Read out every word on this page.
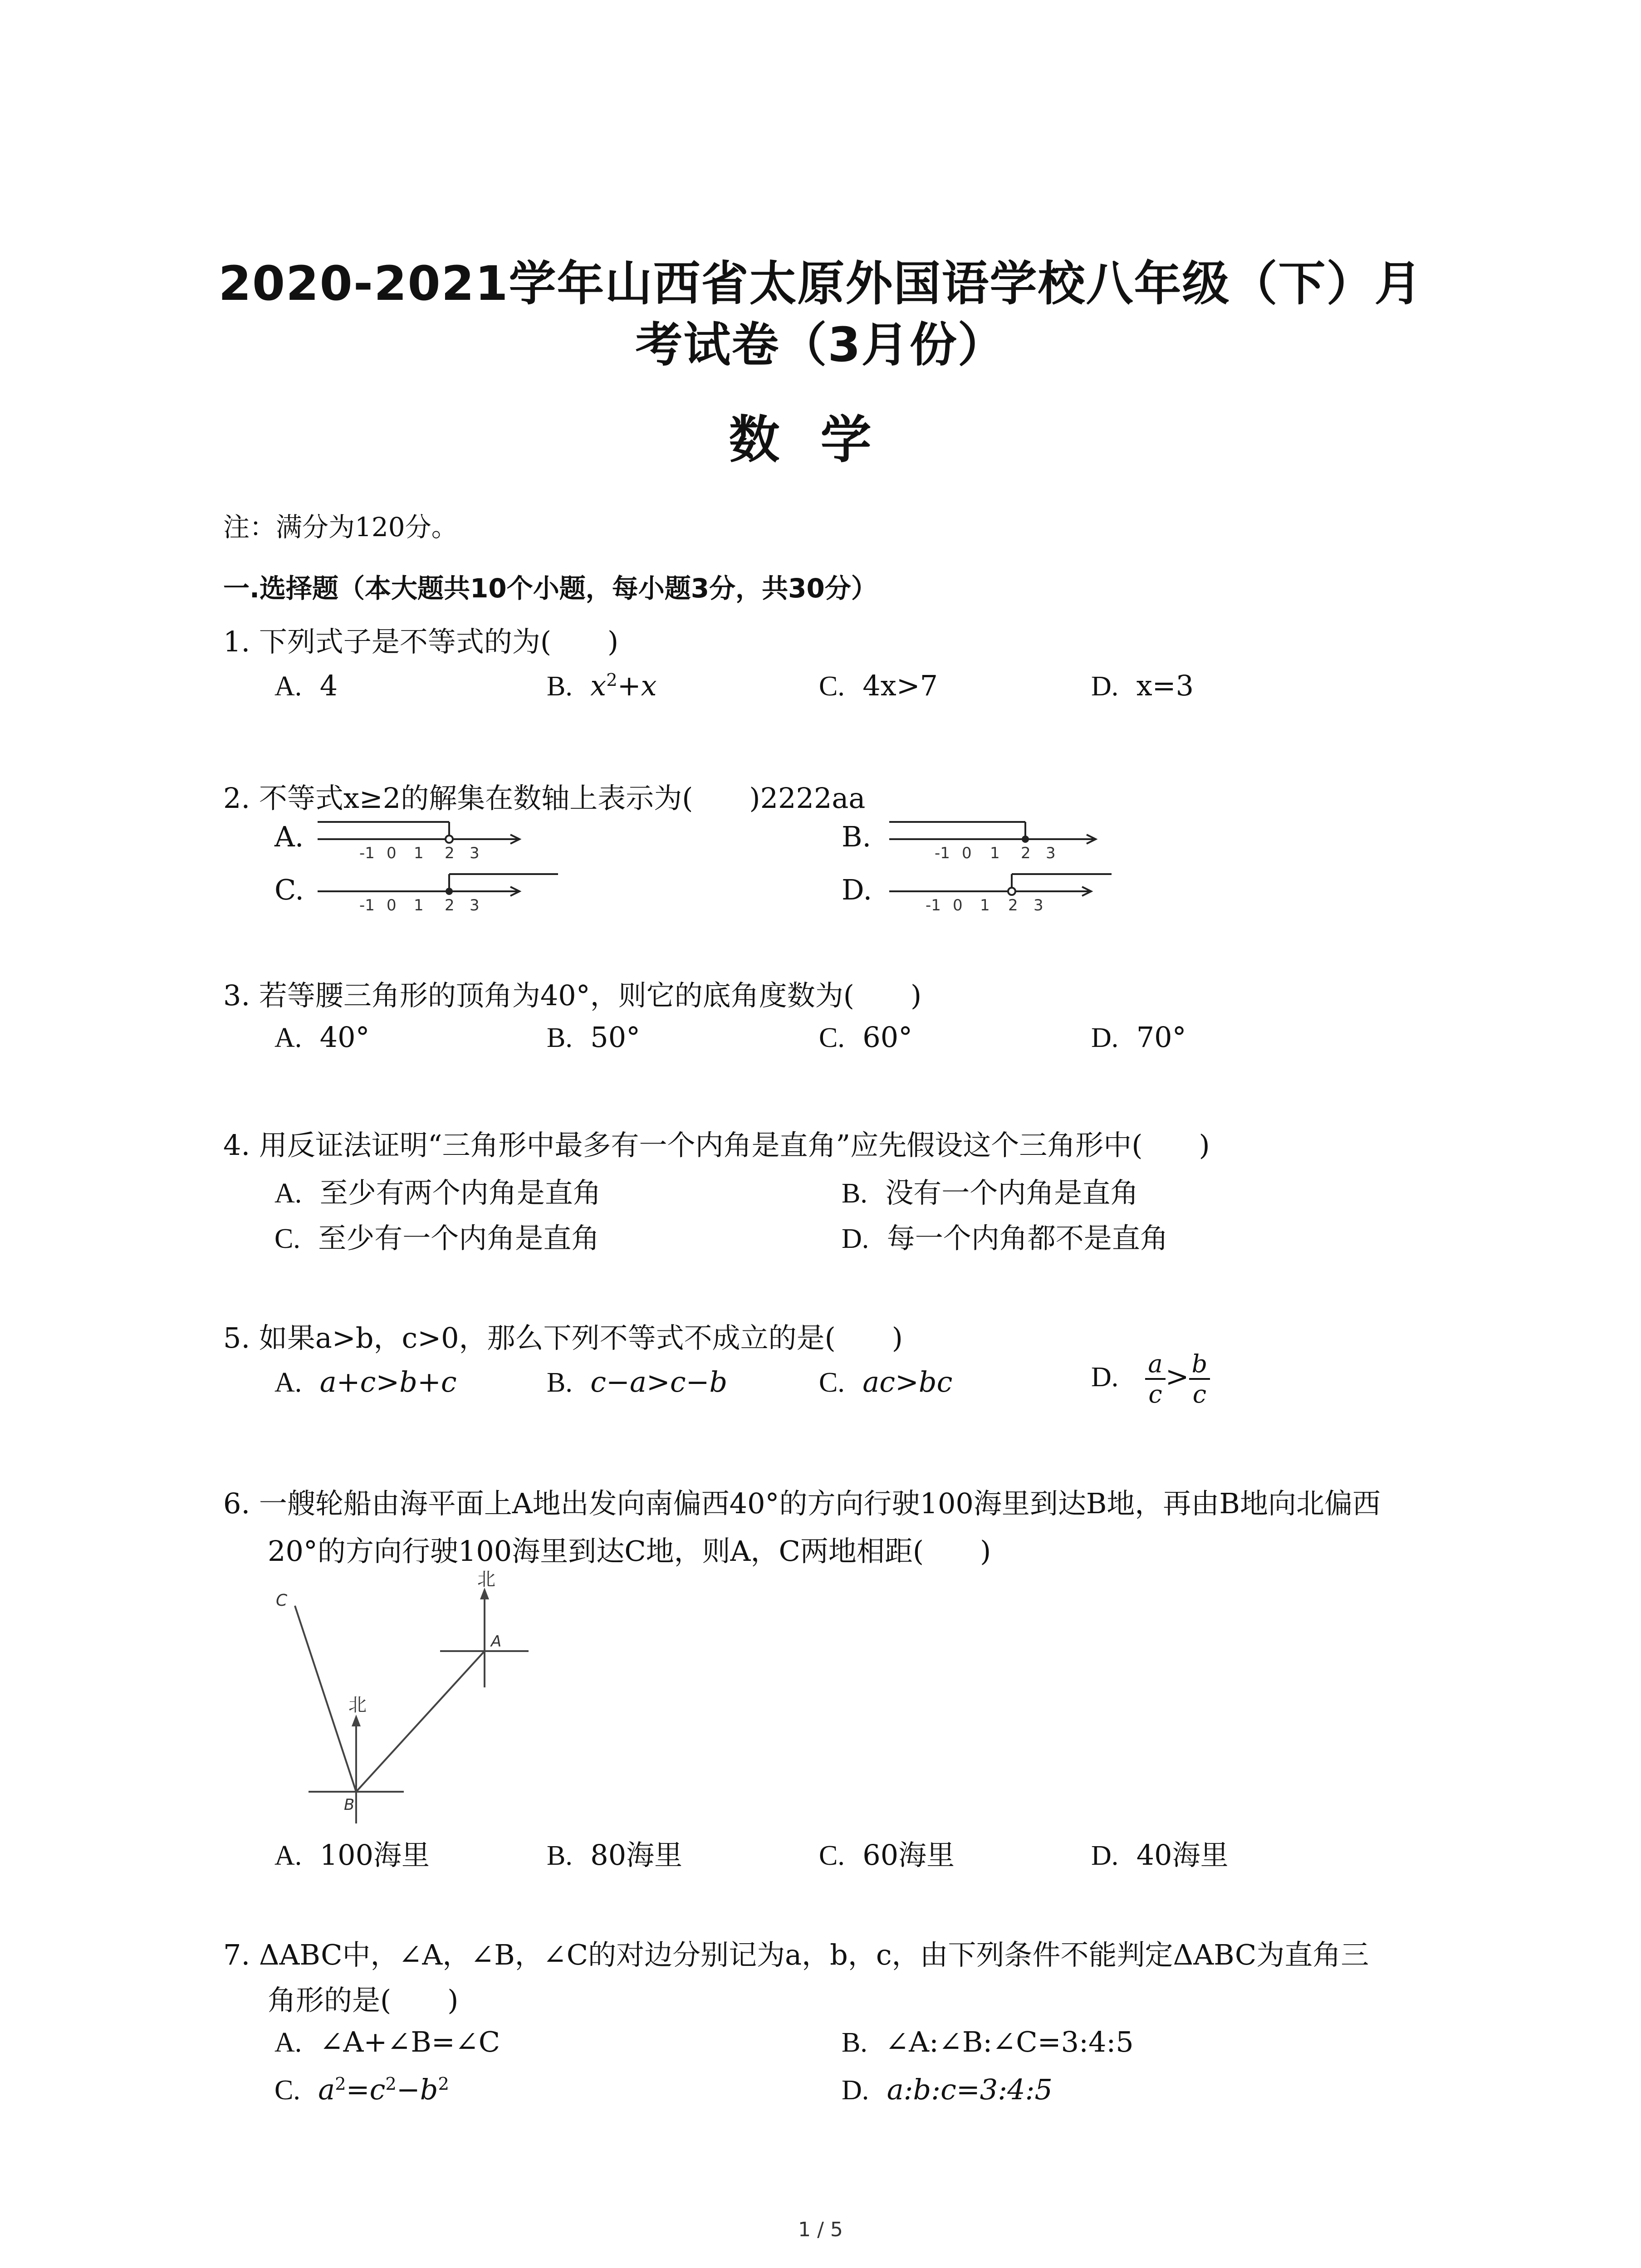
2020-2021学年山西省太原外国语学校八年级（下）月
考试卷（3月份）
数学
注：满分为120分。
一.选择题（本大题共10个小题，每小题3分，共30分）
1. 下列式子是不等式的为(　　)
A. 4	B. $x^2+x$	C. 4x>7	D. x=3
2. 不等式x≥2的解集在数轴上表示为(　　)2222aa
A.	B.
C.	D.
-1 0 1 2 3	-1 0 1 2 3
-1 0 1 2 3	-1 0 1 2 3
3. 若等腰三角形的顶角为40°，则它的底角度数为(　　)
A. 40°	B. 50°	C. 60°	D. 70°
4. 用反证法证明“三角形中最多有一个内角是直角”应先假设这个三角形中(　　)
A. 至少有两个内角是直角	B. 没有一个内角是直角
C. 至少有一个内角是直角	D. 每一个内角都不是直角
5. 如果a>b，c>0，那么下列不等式不成立的是(　　)
A. a+c>b+c	B. c−a>c−b	C. ac>bc	D. $\frac{a}{c} > \frac{b}{c}$
6. 一艘轮船由海平面上A地出发向南偏西40°的方向行驶100海里到达B地，再由B地向北偏西
20°的方向行驶100海里到达C地，则A，C两地相距(　　)
北
A
北
B
C
A. 100海里	B. 80海里	C. 60海里	D. 40海里
7. ΔABC中，∠A，∠B，∠C的对边分别记为a，b，c，由下列条件不能判定ΔABC为直角三
角形的是(　　)
A. ∠A+∠B=∠C	B. ∠A:∠B:∠C=3:4:5
C. $a^2=c^2-b^2$	D. a:b:c=3:4:5
1 / 5
